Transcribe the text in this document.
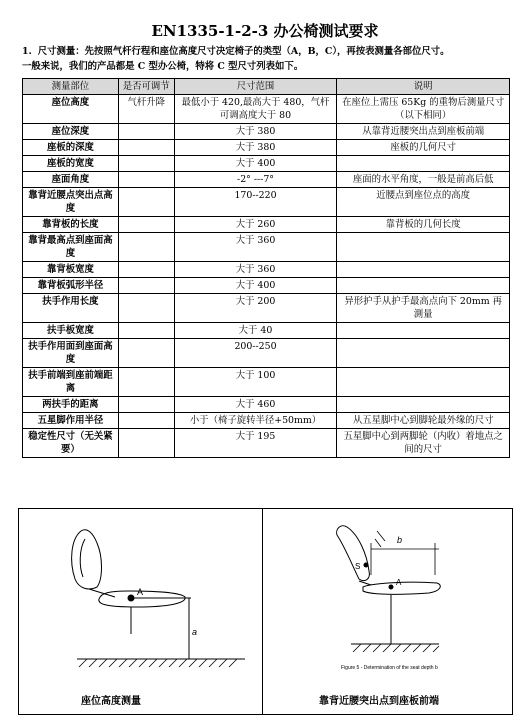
EN1335-1-2-3 办公椅测试要求
1. 尺寸测量：先按照气杆行程和座位高度尺寸决定椅子的类型（A，B，C），再按表测量各部位尺寸。
一般来说，我们的产品都是 C 型办公椅，特将 C 型尺寸列表如下。
测量部位	是否可调节	尺寸范围	说明
座位高度	气杆升降	最低小于 420,最高大于 480，气杆可调高度大于 80	在座位上需压 65Kg 的重物后测量尺寸（以下相同）
座位深度		大于 380	从靠背近腰突出点到座板前端
座板的深度		大于 380	座板的几何尺寸
座板的宽度		大于 400	
座面角度		-2° ---7°	座面的水平角度，一般是前高后低
靠背近腰点突出点高度		170--220	近腰点到座位点的高度
靠背板的长度		大于 260	靠背板的几何长度
靠背最高点到座面高度		大于 360	
靠背板宽度		大于 360	
靠背板弧形半径		大于 400	
扶手作用长度		大于 200	异形护手从护手最高点向下 20mm 再測量
扶手板宽度		大于 40	
扶手作用面到座面高度		200--250	
扶手前端到座前端距离		大于 100	
两扶手的距离		大于 460	
五星脚作用半径		小于（椅子旋转半径+50mm）	从五星脚中心到脚轮最外缘的尺寸
稳定性尺寸（无关紧要）		大于 195	五星脚中心到两脚轮（内收）着地点之间的尺寸
A
a
b
S
A
Figure 5 - Determination of the seat depth b
座位高度测量	靠背近腰突出点到座板前端
